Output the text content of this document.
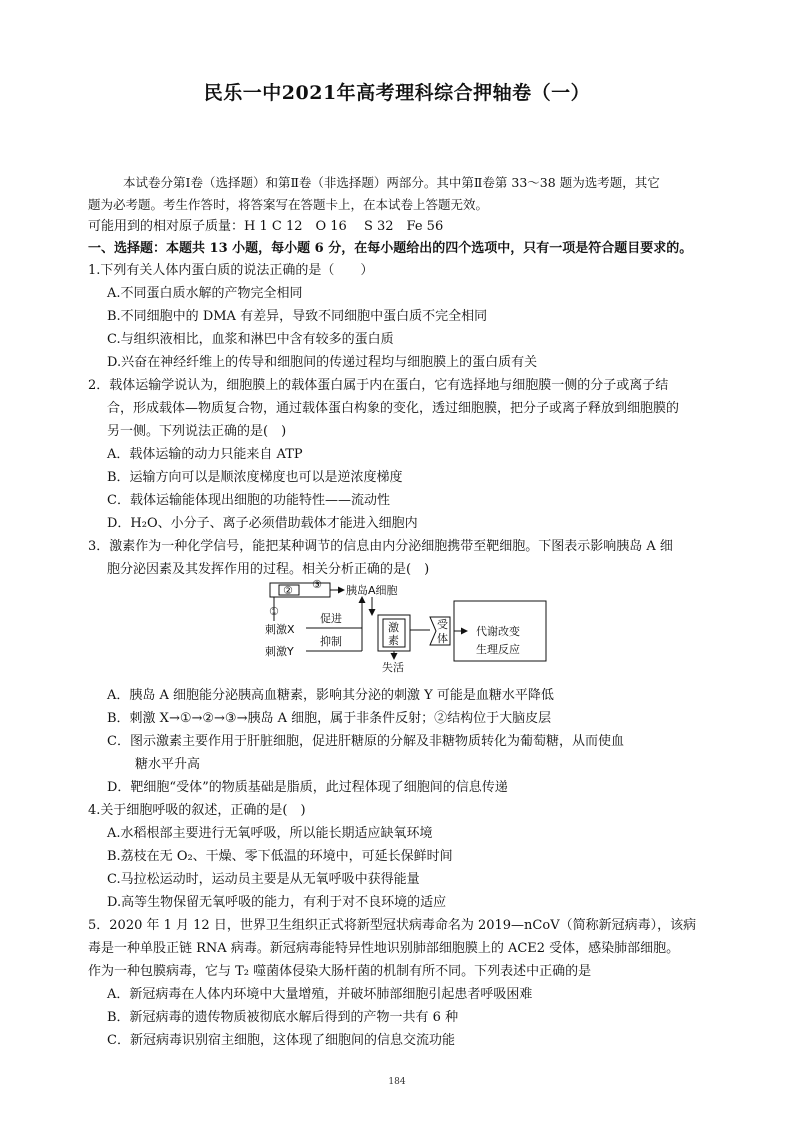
民乐一中2021年高考理科综合押轴卷（一）
本试卷分第Ⅰ卷（选择题）和第Ⅱ卷（非选择题）两部分。其中第Ⅱ卷第 33～38 题为选考题，其它
题为必考题。考生作答时，将答案写在答题卡上，在本试卷上答题无效。
可能用到的相对原子质量：H 1 C 12　O 16　 S 32　Fe 56
一、选择题：本题共 13 小题，每小题 6 分，在每小题给出的四个选项中，只有一项是符合题目要求的。
1.下列有关人体内蛋白质的说法正确的是（　　）
A.不同蛋白质水解的产物完全相同
B.不同细胞中的 DMA 有差异，导致不同细胞中蛋白质不完全相同
C.与组织液相比，血浆和淋巴中含有较多的蛋白质
D.兴奋在神经纤维上的传导和细胞间的传递过程均与细胞膜上的蛋白质有关
2．载体运输学说认为，细胞膜上的载体蛋白属于内在蛋白，它有选择地与细胞膜一侧的分子或离子结
合，形成载体—物质复合物，通过载体蛋白构象的变化，透过细胞膜，把分子或离子释放到细胞膜的
另一侧。下列说法正确的是(　)
A．载体运输的动力只能来自 ATP
B．运输方向可以是顺浓度梯度也可以是逆浓度梯度
C．载体运输能体现出细胞的功能特性——流动性
D．H₂O、小分子、离子必须借助载体才能进入细胞内
3．激素作为一种化学信号，能把某种调节的信息由内分泌细胞携带至靶细胞。下图表示影响胰岛 A 细
胞分泌因素及其发挥作用的过程。相关分析正确的是(　)
② ③ 胰岛A细胞
①
刺激X
刺激Y
促进
抑制
激
素
失活
受
体
代谢改变
生理反应
A．胰岛 A 细胞能分泌胰高血糖素，影响其分泌的刺激 Y 可能是血糖水平降低
B．刺激 X→①→②→③→胰岛 A 细胞，属于非条件反射；②结构位于大脑皮层
C．图示激素主要作用于肝脏细胞，促进肝糖原的分解及非糖物质转化为葡萄糖，从而使血
糖水平升高
D．靶细胞“受体”的物质基础是脂质，此过程体现了细胞间的信息传递
4.关于细胞呼吸的叙述，正确的是(　)
A.水稻根部主要进行无氧呼吸，所以能长期适应缺氧环境
B.荔枝在无 O₂、干燥、零下低温的环境中，可延长保鲜时间
C.马拉松运动时，运动员主要是从无氧呼吸中获得能量
D.高等生物保留无氧呼吸的能力，有利于对不良环境的适应
5．2020 年 1 月 12 日，世界卫生组织正式将新型冠状病毒命名为 2019—nCoV（简称新冠病毒），该病
毒是一种单股正链 RNA 病毒。新冠病毒能特异性地识别肺部细胞膜上的 ACE2 受体，感染肺部细胞。
作为一种包膜病毒，它与 T₂ 噬菌体侵染大肠杆菌的机制有所不同。下列表述中正确的是
A．新冠病毒在人体内环境中大量增殖，并破坏肺部细胞引起患者呼吸困难
B．新冠病毒的遗传物质被彻底水解后得到的产物一共有 6 种
C．新冠病毒识别宿主细胞，这体现了细胞间的信息交流功能
184
